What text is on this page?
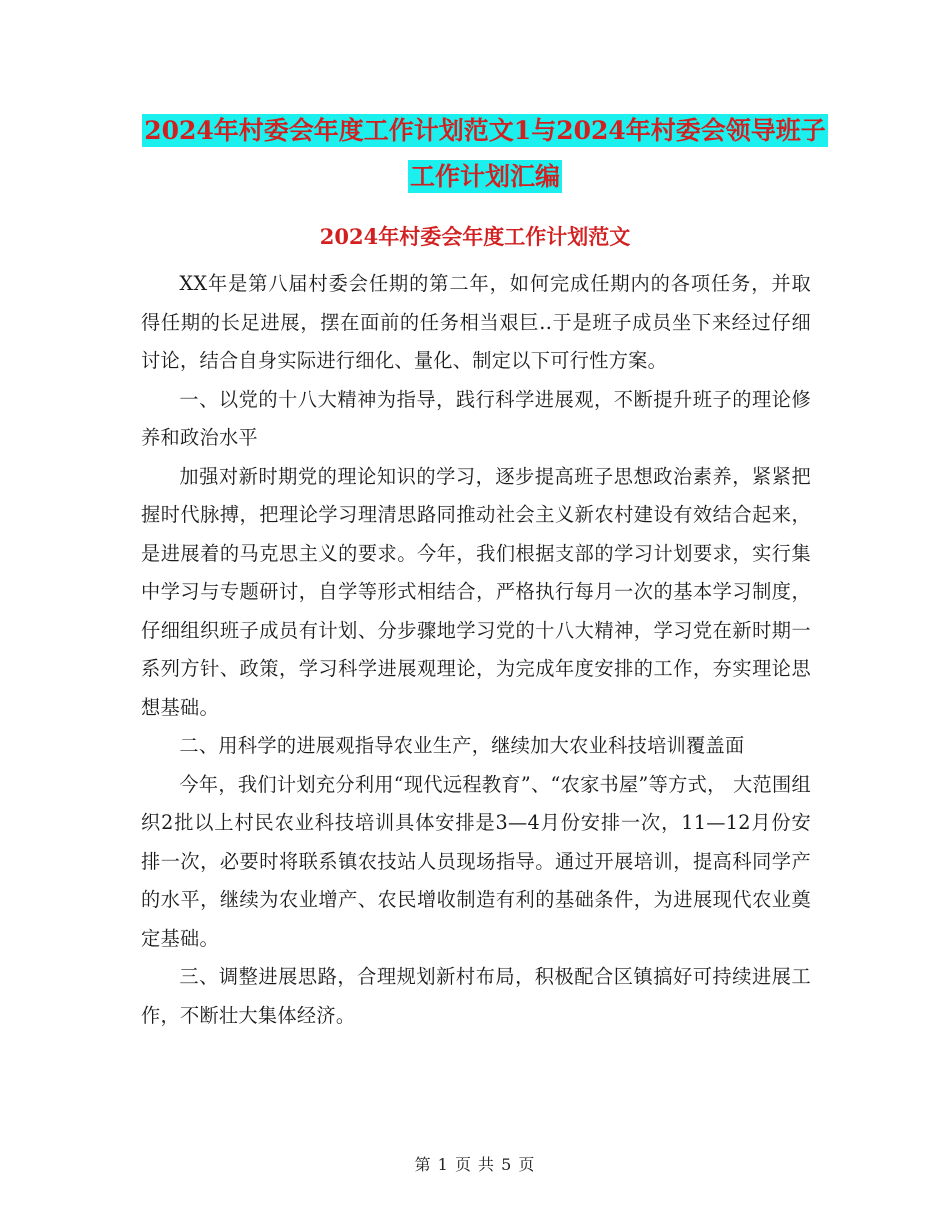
2024年村委会年度工作计划范文1与2024年村委会领导班子工作计划汇编
2024年村委会年度工作计划范文

XX年是第八届村委会任期的第二年，如何完成任期内的各项任务，并取得任期的长足进展，摆在面前的任务相当艰巨..于是班子成员坐下来经过仔细讨论，结合自身实际进行细化、量化、制定以下可行性方案。

一、以党的十八大精神为指导，践行科学进展观，不断提升班子的理论修养和政治水平

加强对新时期党的理论知识的学习，逐步提高班子思想政治素养，紧紧把握时代脉搏，把理论学习理清思路同推动社会主义新农村建设有效结合起来，是进展着的马克思主义的要求。今年，我们根据支部的学习计划要求，实行集中学习与专题研讨，自学等形式相结合，严格执行每月一次的基本学习制度，仔细组织班子成员有计划、分步骤地学习党的十八大精神，学习党在新时期一系列方针、政策，学习科学进展观理论，为完成年度安排的工作，夯实理论思想基础。

二、用科学的进展观指导农业生产，继续加大农业科技培训覆盖面

今年，我们计划充分利用“现代远程教育”、“农家书屋”等方式， 大范围组织2批以上村民农业科技培训具体安排是3—4月份安排一次，11—12月份安排一次，必要时将联系镇农技站人员现场指导。通过开展培训，提高科同学产的水平，继续为农业增产、农民增收制造有利的基础条件，为进展现代农业奠定基础。

三、调整进展思路，合理规划新村布局，积极配合区镇搞好可持续进展工作，不断壮大集体经济。

第 1 页 共 5 页
